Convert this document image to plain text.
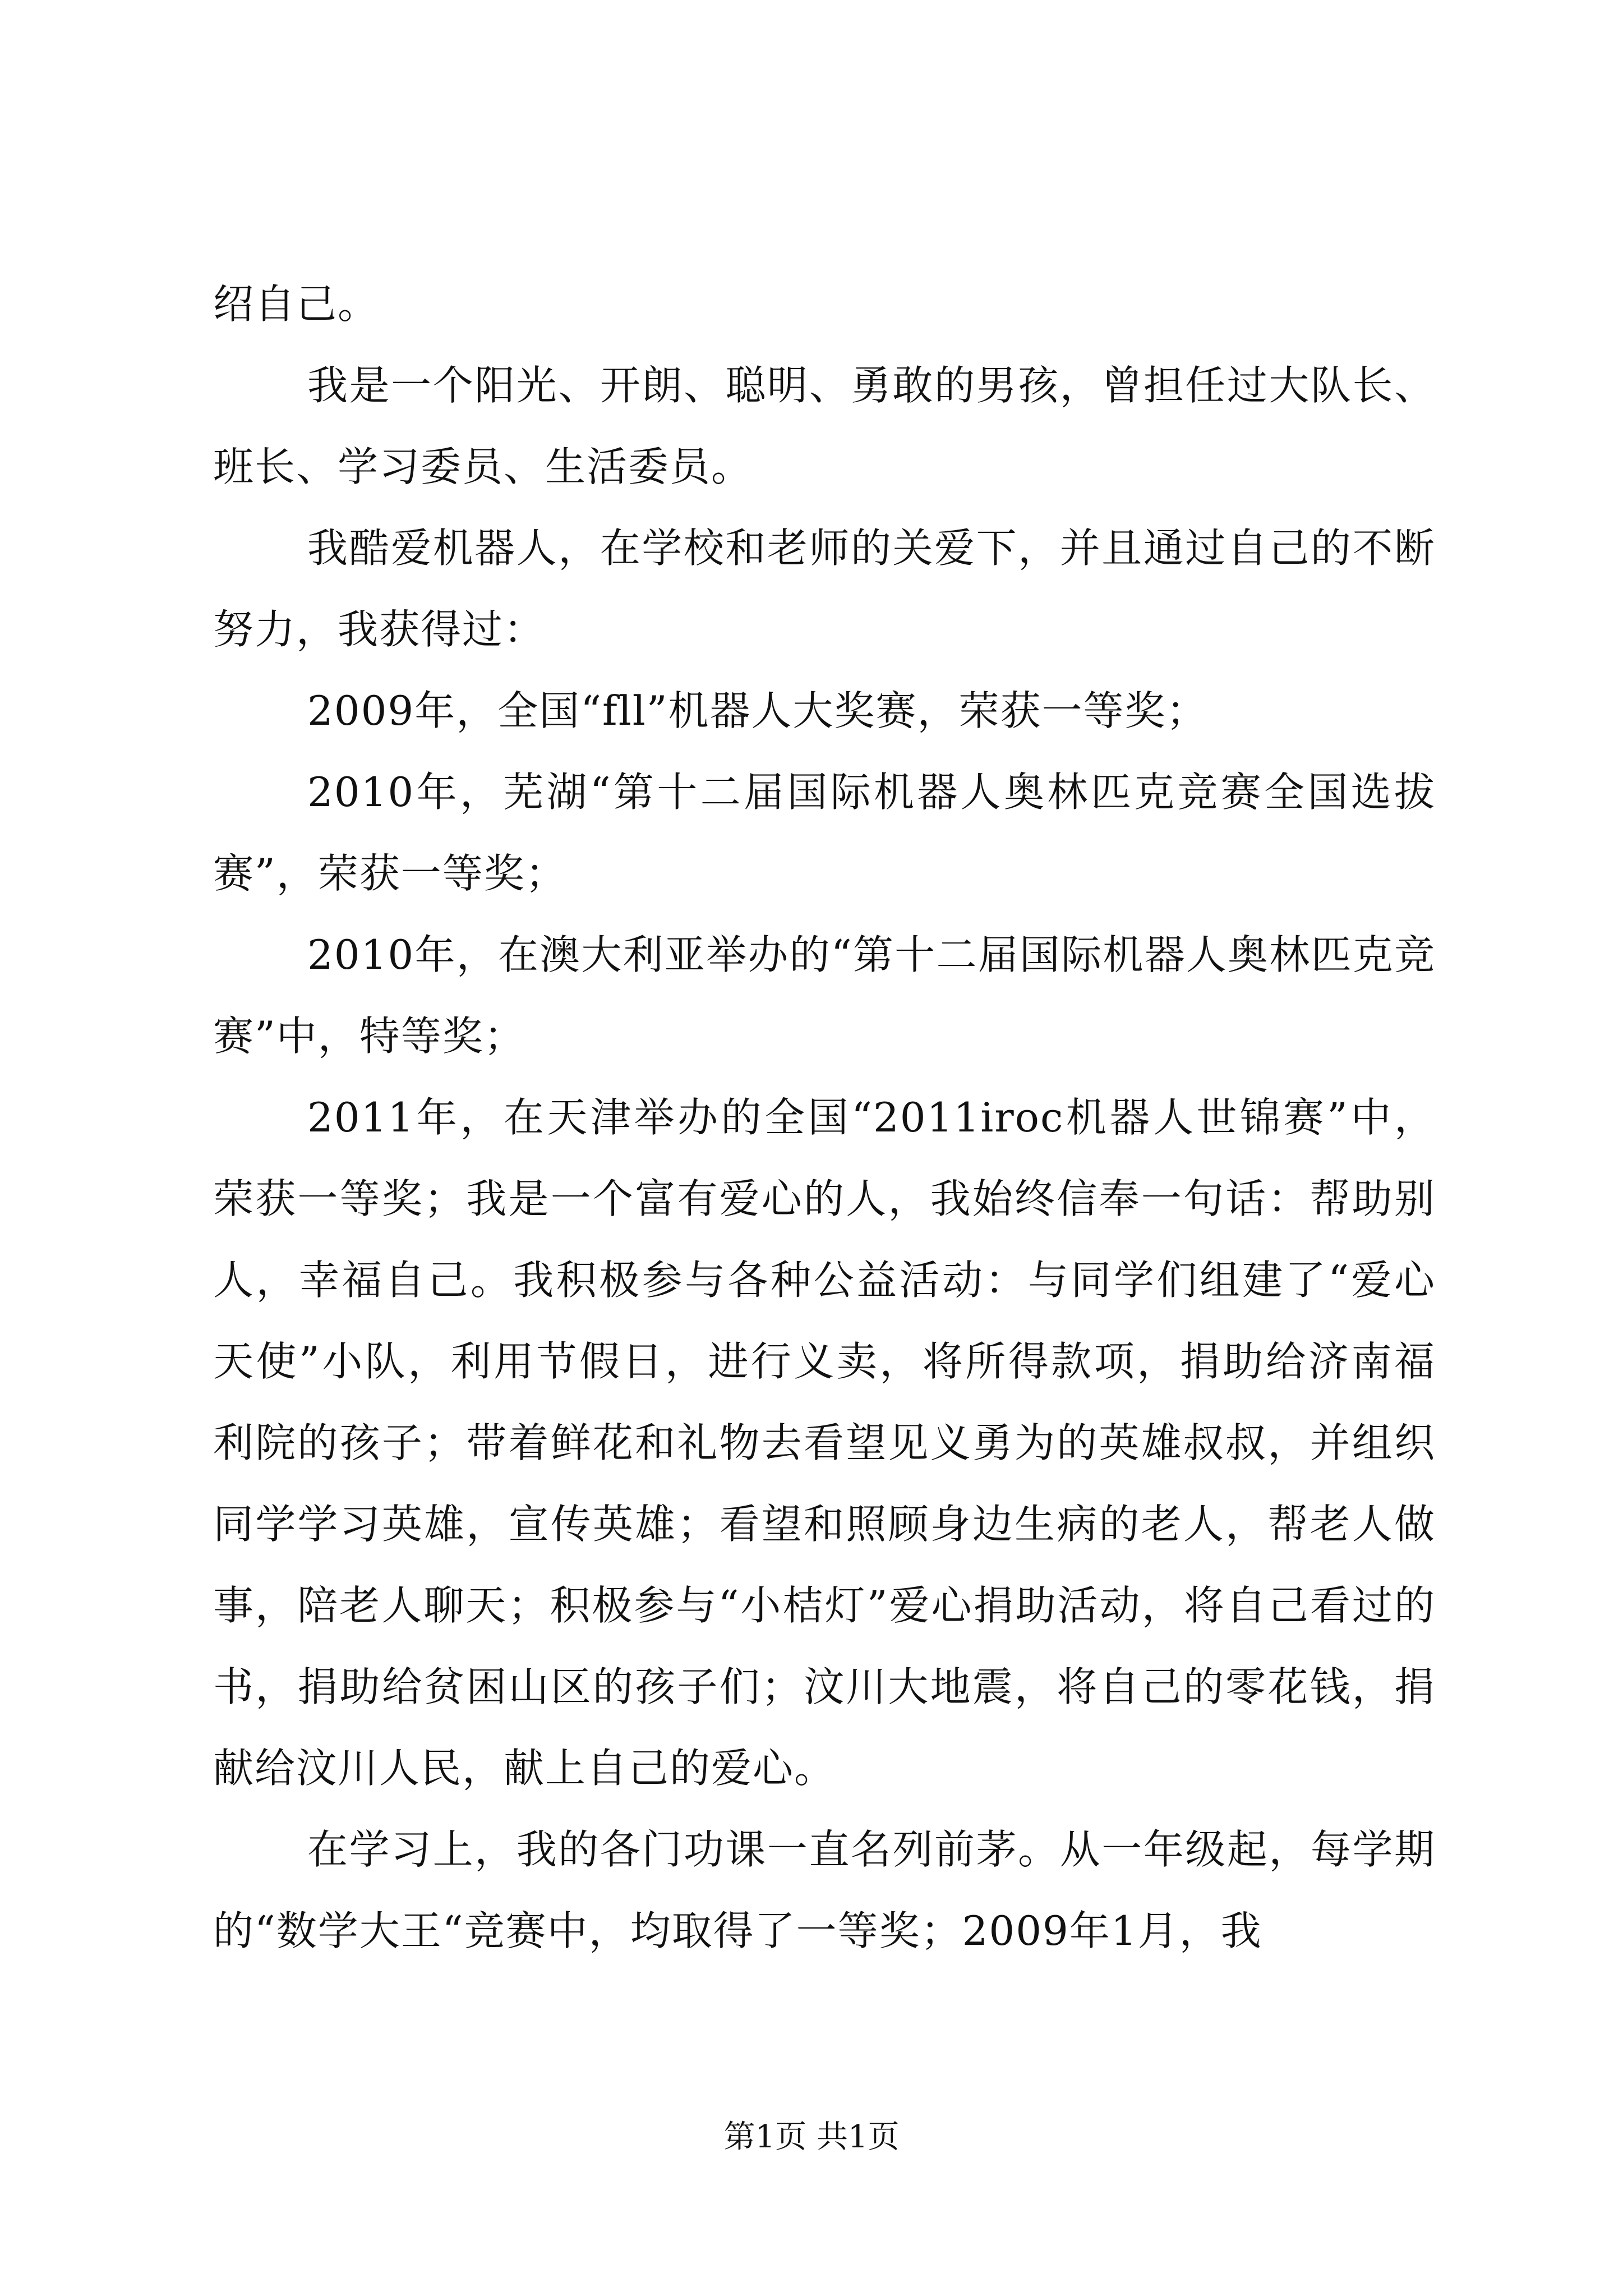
绍自己。

我是一个阳光、开朗、聪明、勇敢的男孩，曾担任过大队长、班长、学习委员、生活委员。

我酷爱机器人，在学校和老师的关爱下，并且通过自己的不断努力，我获得过：

2009年，全国“fll”机器人大奖赛，荣获一等奖；

2010年，芜湖“第十二届国际机器人奥林匹克竞赛全国选拔赛”，荣获一等奖；

2010年，在澳大利亚举办的“第十二届国际机器人奥林匹克竞赛”中，特等奖；

2011年，在天津举办的全国“2011iroc机器人世锦赛”中，荣获一等奖；我是一个富有爱心的人，我始终信奉一句话：帮助别人，幸福自己。我积极参与各种公益活动：与同学们组建了“爱心天使”小队，利用节假日，进行义卖，将所得款项，捐助给济南福利院的孩子；带着鲜花和礼物去看望见义勇为的英雄叔叔，并组织同学学习英雄，宣传英雄；看望和照顾身边生病的老人，帮老人做事，陪老人聊天；积极参与“小桔灯”爱心捐助活动，将自己看过的书，捐助给贫困山区的孩子们；汶川大地震，将自己的零花钱，捐献给汶川人民，献上自己的爱心。

在学习上，我的各门功课一直名列前茅。从一年级起，每学期的“数学大王“竞赛中，均取得了一等奖；2009年1月，我

第1页 共1页
